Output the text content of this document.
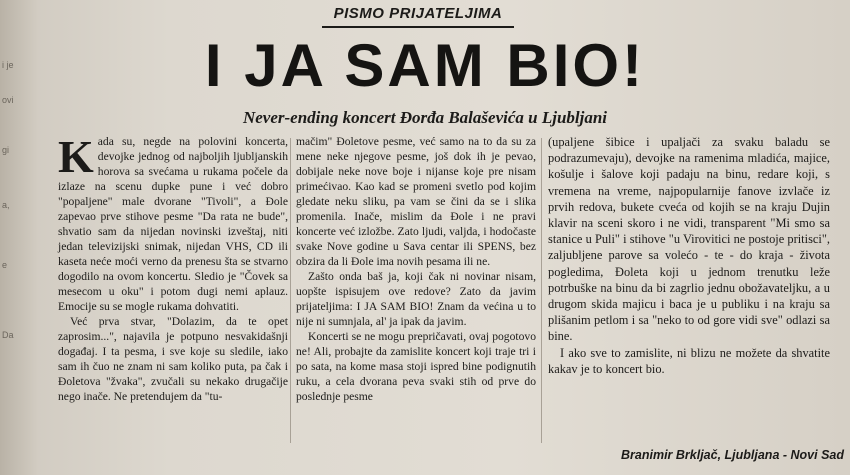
i je
ovi
gi
a,
e
Da
PISMO PRIJATELJIMA
I JA SAM BIO!
Never-ending koncert Đorđa Balaševića u Ljubljani
K ada su, negde na polovini koncerta, devojke jednog od najboljih ljubljanskih horova sa svećama u rukama počele da izlaze na scenu dupke pune i već dobro "popaljene" male dvorane "Tivoli", a Đole zapevao prve stihove pesme "Da rata ne bude", shvatio sam da nijedan novinski izveštaj, niti jedan televizijski snimak, nijedan VHS, CD ili kaseta neće moći verno da prenesu šta se stvarno dogodilo na ovom koncertu. Sledio je "Čovek sa mesecom u oku" i potom dugi nemi aplauz. Emocije su se mogle rukama dohvatiti.

Već prva stvar, "Dolazim, da te opet zaprosim...", najavila je potpuno nesvakidašnji događaj. I ta pesma, i sve koje su sledile, iako sam ih čuo ne znam ni sam koliko puta, pa čak i Đoletova "žvaka", zvučali su nekako drugačije nego inače. Ne pretendujem da "tu-

mačim" Đoletove pesme, već samo na to da su za mene neke njegove pesme, još dok ih je pevao, dobijale neke nove boje i nijanse koje pre nisam primećivao. Kao kad se promeni svetlo pod kojim gledate neku sliku, pa vam se čini da se i slika promenila. Inače, mislim da Đole i ne pravi koncerte već izložbe. Zato ljudi, valjda, i hodočaste svake Nove godine u Sava centar ili SPENS, bez obzira da li Đole ima novih pesama ili ne.

Zašto onda baš ja, koji čak ni novinar nisam, uopšte ispisujem ove redove? Zato da javim prijateljima: I JA SAM BIO! Znam da većina u to nije ni sumnjala, al' ja ipak da javim.

Koncerti se ne mogu prepričavati, ovaj pogotovo ne! Ali, probajte da zamislite koncert koji traje tri i po sata, na kome masa stoji ispred bine podignutih ruku, a cela dvorana peva svaki stih od prve do poslednje pesme

(upaljene šibice i upaljači za svaku baladu se podrazumevaju), devojke na ramenima mladića, majice, košulje i šalove koji padaju na binu, redare koji, s vremena na vreme, najpopularnije fanove izvlače iz prvih redova, bukete cveća od kojih se na kraju Dujin klavir na sceni skoro i ne vidi, transparent "Mi smo sa stanice u Puli" i stihove "u Virovitici ne postoje pritisci", zaljubljene parove sa volećo - te - do kraja - života pogledima, Đoleta koji u jednom trenutku leže potrbuške na binu da bi zagrlio jednu obožavateljku, a u drugom skida majicu i baca je u publiku i na kraju sa plišanim petlom i sa "neko to od gore vidi sve" odlazi sa bine.

I ako sve to zamislite, ni blizu ne možete da shvatite kakav je to koncert bio.

Branimir Brkljač, Ljubljana - Novi Sad
